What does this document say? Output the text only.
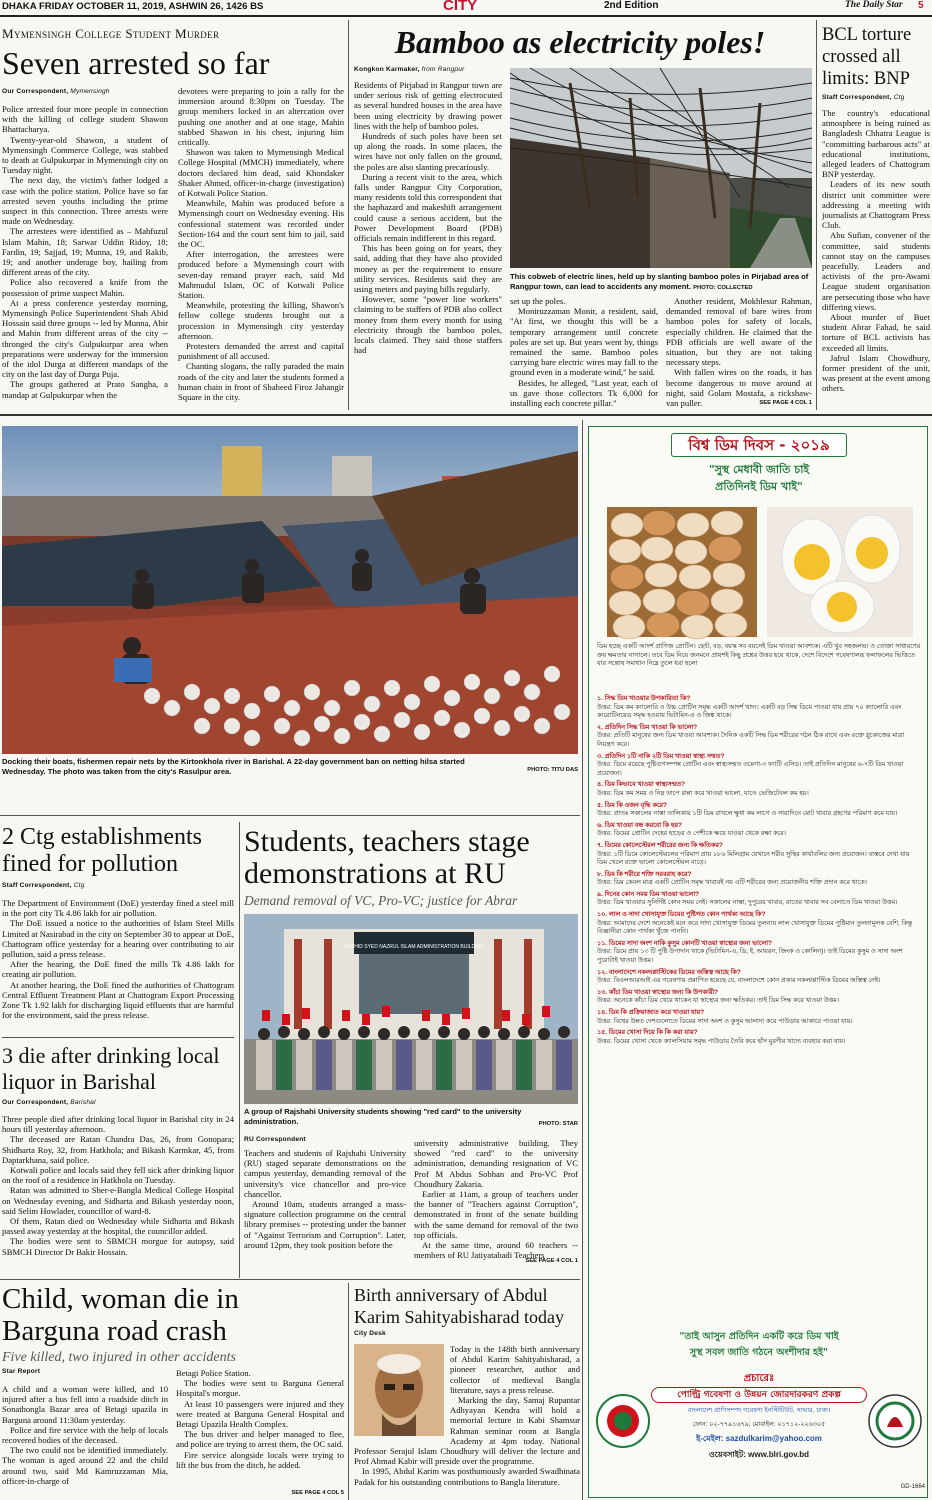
DHAKA FRIDAY OCTOBER 11, 2019, ASHWIN 26, 1426 BS	CITY	2nd Edition	The Daily Star	5
Mymensingh College Student Murder
Seven arrested so far
Our Correspondent, Mymensingh

Police arrested four more people in connection with the killing of college student Shawon Bhattacharya.

Twenty-year-old Shawon, a student of Mymensingh Commerce College, was stabbed to death at Gulpukurpar in Mymensingh city on Tuesday night.

The next day, the victim's father lodged a case with the police station. Police have so far arrested seven youths including the prime suspect in this connection. Three arrests were made on Wednesday.

The arrestees were identified as – Mahfuzul Islam Mahin, 18; Sarwar Uddin Ridoy, 18; Fardin, 19; Sajjad, 19; Munna, 19, and Rakib, 19; and another underage boy, hailing from different areas of the city.

Police also recovered a knife from the possession of prime suspect Mahin.

At a press conference yesterday morning, Mymensingh Police Superintendent Shah Abid Hossain said three groups -- led by Munna, Abir and Mahin from different areas of the city -- thronged the city's Gulpukurpar area when preparations were underway for the immersion of the idol Durga at different mandaps of the city on the last day of Durga Puja.

The groups gathered at Prato Sangha, a mandap at Gulpukurpar when the

devotees were preparing to join a rally for the immersion around 8:30pm on Tuesday. The group members locked in an altercation over pushing one another and at one stage, Mahin stabbed Shawon in his chest, injuring him critically.

Shawon was taken to Mymensingh Medical College Hospital (MMCH) immediately, where doctors declared him dead, said Khondaker Shaker Ahmed, officer-in-charge (investigation) of Kotwali Police Station.

Meanwhile, Mahin was produced before a Mymensingh court on Wednesday evening. His confessional statement was recorded under Section-164 and the court sent him to jail, said the OC.

After interrogation, the arrestees were produced before a Mymensingh court with seven-day remand prayer each, said Md Mahmudul Islam, OC of Kotwali Police Station.

Meanwhile, protesting the killing, Shawon's fellow college students brought out a procession in Mymensingh city yesterday afternoon.

Protesters demanded the arrest and capital punishment of all accused.

Chanting slogans, the rally paraded the main roads of the city and later the students formed a human chain in front of Shaheed Firoz Jahangir Square in the city.

Bamboo as electricity poles!
Kongkon Karmaker, from Rangpur

Residents of Pirjabad in Rangpur town are under serious risk of getting electrocuted as several hundred houses in the area have been using electricity by drawing power lines with the help of bamboo poles.

Hundreds of such poles have been set up along the roads. In some places, the wires have not only fallen on the ground, the poles are also slanting precariously.

During a recent visit to the area, which falls under Rangpur City Corporation, many residents told this correspondent that the haphazard and makeshift arrangement could cause a serious accident, but the Power Development Board (PDB) officials remain indifferent in this regard.

This has been going on for years, they said, adding that they have also provided money as per the requirement to ensure utility services. Residents said they are using meters and paying bills regularly.

However, some "power line workers" claiming to be staffers of PDB also collect money from them every month for using electricity through the bamboo poles, locals claimed. They said those staffers had

This cobweb of electric lines, held up by slanting bamboo poles in Pirjabad area of Rangpur town, can lead to accidents any moment. PHOTO: COLLECTED

set up the poles.

Moniruzzaman Monir, a resident, said, "At first, we thought this will be a temporary arrangement until concrete poles are set up. But years went by, things remained the same. Bamboo poles carrying bare electric wires may fall to the ground even in a moderate wind," he said.

Besides, he alleged, "Last year, each of us gave those collectors Tk 6,000 for installing each concrete pillar."

Another resident, Mokhlesur Rahman, demanded removal of bare wires from bamboo poles for safety of locals, especially children. He claimed that the PDB officials are well aware of the situation, but they are not taking necessary steps.

With fallen wires on the roads, it has become dangerous to move around at night, said Golam Mostafa, a rickshaw-van puller.	SEE PAGE 4 COL 1
BCL torture crossed all limits: BNP
Staff Correspondent, Ctg

The country's educational atmosphere is being ruined as Bangladesh Chhatra League is "committing barbarous acts" at educational institutions, alleged leaders of Chattogram BNP yesterday.

Leaders of its new south district unit committee were addressing a meeting with journalists at Chattogram Press Club.

Abu Sufian, convener of the committee, said students cannot stay on the campuses peacefully. Leaders and activists of the pro-Awami League student organisation are persecuting those who have differing views.

About murder of Buet student Abrar Fahad, he said torture of BCL activists has exceeded all limits.

Jafrul Islam Chowdhury, former president of the unit, was present at the event among others.

Docking their boats, fishermen repair nets by the Kirtonkhola river in Barishal. A 22-day government ban on netting hilsa started Wednesday. The photo was taken from the city's Rasulpur area.	PHOTO: TITU DAS
2 Ctg establishments fined for pollution
Staff Correspondent, Ctg

The Department of Environment (DoE) yesterday fined a steel mill in the port city Tk 4.86 lakh for air pollution.

The DoE issued a notice to the authorities of Islam Steel Mills Limited at Nasirabad in the city on September 30 to appear at DoE, Chattogram office yesterday for a hearing over contributing to air pollution, said a press release.

After the hearing, the DoE fined the mills Tk 4.86 lakh for creating air pollution.

At another hearing, the DoE fined the authorities of Chattogram Central Effluent Treatment Plant at Chattogram Export Processing Zone Tk 1.92 lakh for discharging liquid effluents that are harmful for the environment, said the press release.

3 die after drinking local liquor in Barishal
Our Correspondent, Barishal

Three people died after drinking local liquor in Barishal city in 24 hours till yesterday afternoon.

The deceased are Ratan Chandra Das, 26, from Gonopara; Shidharta Roy, 32, from Hatkhola; and Bikash Karmkar, 45, from Daptarkhana, said police.

Kotwali police and locals said they fell sick after drinking liquor on the roof of a residence in Hatkhola on Tuesday.

Ratan was admitted to Sher-e-Bangla Medical College Hospital on Wednesday evening, and Sidharta and Bikash yesterday noon, said Selim Howlader, councillor of ward-8.

Of them, Ratan died on Wednesday while Sidharta and Bikash passed away yesterday at the hospital, the councillor added.

The bodies were sent to SBMCH morgue for autopsy, said SBMCH Director Dr Bakir Hossain.

Students, teachers stage demonstrations at RU
Demand removal of VC, Pro-VC; justice for Abrar
SHAHID SYED NAZRUL ISLAM ADMINISTRATION BUILDING
A group of Rajshahi University students showing "red card" to the university administration.	PHOTO: STAR
RU Correspondent

Teachers and students of Rajshahi University (RU) staged separate demonstrations on the campus yesterday, demanding removal of the university's vice chancellor and pro-vice chancellor.

Around 10am, students arranged a mass-signature collection programme on the central library premises -- protesting under the banner of "Against Terrorism and Corruption". Later, around 12pm, they took position before the

university administrative building. They showed "red card" to the university administration, demanding resignation of VC Prof M Abdus Sobhan and Pro-VC Prof Choudhury Zakaria.

Earlier at 11am, a group of teachers under the banner of "Teachers against Corruption", demonstrated in front of the senate building with the same demand for removal of the two top officials.

At the same time, around 60 teachers -- members of RU Jatiyatabadi Teachers

SEE PAGE 4 COL 1
Child, woman die in Barguna road crash
Five killed, two injured in other accidents
Star Report

A child and a woman were killed, and 10 injured after a bus fell into a roadside ditch in Sonathongla Bazar area of Betagi upazila in Barguna around 11:30am yesterday.

Police and fire service with the help of locals recovered bodies of the deceased.

The two could not be identified immediately. The woman is aged around 22 and the child around two, said Md Kamruzzaman Mia, officer-in-charge of

Betagi Police Station.

The bodies were sent to Barguna General Hospital's morgue.

At least 10 passengers were injured and they were treated at Barguna General Hospital and Betagi Upazila Health Complex.

The bus driver and helper managed to flee, and police are trying to arrest them, the OC said.

Fire service alongside locals were trying to lift the bus from the ditch, he added.

SEE PAGE 4 COL 5
Birth anniversary of Abdul Karim Sahityabisharad today
City Desk

Today is the 148th birth anniversary of Abdul Karim Sahityabisharad, a pioneer researcher, author and collector of medieval Bangla literature, says a press release.

Marking the day, Samaj Rupantar Adhyayan Kendra will hold a memorial lecture in Kabi Shamsur Rahman seminar room at Bangla Academy at 4pm today. National Professor Serajul Islam Choudhury will deliver the lecture and Prof Ahmad Kabir will preside over the programme.

In 1995, Abdul Karim was posthumously awarded Swadhinata Padak for his outstanding contributions to Bangla literature.

বিশ্ব ডিম দিবস - ২০১৯
"সুস্থ মেধাবী জাতি চাই
প্রতিদিনই ডিম খাই"
ডিম হচ্ছে একটি আদর্শ প্রাণিজ প্রোটিন। ছোট, বড়, বয়স্ক সব বয়সেই ডিম খাওয়া আবশ্যক। এটি খুব সহজলভ্য ও তোজা সাধারণের ক্রয় ক্ষমতার নাগালে। তবে ডিম নিয়ে জনমনে প্রায়শই কিছু প্রশ্নের উত্তর হয়ে থাকে, দেশে বিদেশে গবেষণালব্ধ ফলাফলের ভিত্তিতে যার সন্তোষ সমাধান নিম্নে তুলে ধরা হলো
১. সিদ্ধ ডিম খাওয়ার উপকারিতা কি?
উত্তর: ডিম কম ক্যালোরি ও উচ্চ প্রোটিন সমৃদ্ধ একটি আদর্শ খাদ্য। একটি বড় সিদ্ধ ডিমে পাওয়া যায় প্রায় ৭০ ক্যালোরি এবং ক্যরোটিনয়েড সমৃদ্ধ হওয়ায় ভিটামিন-এ ও জিঙ্ক থাকে।
২. প্রতিদিন সিদ্ধ ডিম খাওয়া কি ভালো?
উত্তর: প্রতিটি মানুষের জন্য ডিম খাওয়া আবশ্যক। দৈনিক একটি সিদ্ধ ডিম শরীরের গঠন ঠিক রাখে এবং রক্তে গ্লুকোজের মাত্রা নিয়ন্ত্রণ করে।
৩. প্রতিদিন ১টি নাকি ২টি ডিম খাওয়া স্বাস্থ্য সম্মত?
উত্তর: ডিমে রয়েছে পুষ্টিগুণসম্পন্ন প্রোটিন এবং স্বাস্থ্যসম্মত ওমেগা-৩ ফ্যাটি এসিড। তাই প্রতিদিন মানুষের ৬-৭টি ডিম খাওয়া প্রয়োজন।
৪. ডিম কিভাবে খাওয়া স্বাস্থ্যসম্মত?
উত্তর: ডিম কম সময় ও নিম্ন তাপে রান্না করে খাওয়া ভালো, যাতে ভেজিটেবল কম হয়।
৫. ডিম কি ওজন বৃদ্ধি করে?
উত্তর: প্রাতঃ সকালের নাস্তা তালিকায় ১টি ডিম রাখলে ক্ষুধা কম লাগে ও সারাদিনে মোট খাবার গ্রহণের পরিমাণ কমে যায়।
৬. ডিম খাওয়া বন্ধ করবো কি হয়?
উত্তর: ডিমের প্রোটিন দেহের হাড়ের ও পেশীকে ক্ষয়ে যাওয়া থেকে রক্ষা করে।
৭. ডিমের কোলেস্টেরল শরীরের জন্য কি ক্ষতিকর?
উত্তর: ১টি ডিমে কোলেস্টেরলের পরিমাণ প্রায় ১৮৬ মিলিগ্রাম যেখানে শরীর সুস্থির কার্যাবলির জন্য প্রয়োজন। বাস্তবে দেখা যায় ডিম খেলে রক্তে ভালো কোলেস্টেরল বাড়ে।
৮. ডিম কি শরীরে শক্তি সরবরাহ করে?
উত্তর: ডিম কেবল মাত্র একটি প্রোটিন সমৃদ্ধ খাবারই নয় এটি শরীরের জন্য প্রয়োজনীয় শক্তি প্রদান করে থাকে।
৯. দিনের কোন সময় ডিম খাওয়া ভালো?
উত্তর: ডিম খাওয়ার সুনির্দিষ্ট কোন সময় নেই। সকালের নাস্তা, দুপুরের খাবার, রাতের খাবার সব বেলাতে ডিম খাওয়া উত্তম।
১০. লাল ও সাদা খোসাযুক্ত ডিমের পুষ্টিগত কোন পার্থক্য আছে কি?
উত্তর: আমাদের দেশে অনেকেই মনে করে সাদা খোসাযুক্ত ডিমের তুলনায় লাল খোসাযুক্ত ডিমের পুষ্টিমান তুলনামূলক বেশি, কিন্তু বিজ্ঞানীরা কোন পার্থক্য খুঁজে পাননি।
১১. ডিমের সাদা অংশ নাকি কুসুম কোনটি খাওয়া স্বাস্থ্যের জন্য ভালো?
উত্তর: ডিমে প্রায় ১৩ টি পুষ্টি উপাদান থাকে (ভিটামিন-এ, ডি, ই, আয়রন, জিংক ও কোলিন)। তাই ডিমের কুসুম ও সাদা অংশ পুরোটাই খাওয়া উত্তম।
১২. বাংলাদেশে নকল/প্লাস্টিকের ডিমের অস্তিত্ব আছে কি?
উত্তর: বিএলআরআই এর গবেষণায় প্রমাণিত হয়েছে যে, বাংলাদেশে কোন প্রকার নকল/প্লাস্টিক ডিমের অস্তিত্ব নেই।
১৩. কাঁচা ডিম খাওয়া স্বাস্থ্যের জন্য কি উপকারী?
উত্তর: অনেকে কাঁচা ডিম খেয়ে থাকেন যা স্বাস্থ্যের জন্য ক্ষতিকর। তাই ডিম সিদ্ধ করে খাওয়া উত্তম।
১৪. ডিম কি প্রক্রিয়াজাত করে খাওয়া যায়?
উত্তর: বিশ্বের উন্নত দেশগুলোতে ডিমের সাদা অংশ ও কুসুম আলাদা করে পাউডার আকারে পাওয়া যায়।
১৫. ডিমের খোসা দিয়ে কি কি করা যায়?
উত্তর: ডিমের খোসা থেকে ক্যালসিয়াম সমৃদ্ধ পাউডার তৈরি করে হাঁস মুরগীর খাদ্যে ব্যবহার করা যায়।
"তাই আসুন প্রতিদিন একটি করে ডিম খাই
সুস্থ সবল জাতি গঠনে অংশীদার হই"
প্রচারেঃ
পোল্ট্রি গবেষণা ও উন্নয়ন জোরদারকরণ প্রকল্প
বাংলাদেশ প্রাণিসম্পদ গবেষণা ইনস্টিটিউট, সাভার, ঢাকা।
ফোন: ০২-৭৭৯১৬৭৯; মোবাইল: ০১৭১২-২২৬৩০৫
ই-মেইল: sazdulkarim@yahoo.com
ওয়েবসাইট: www.blri.gov.bd
GD-1664
